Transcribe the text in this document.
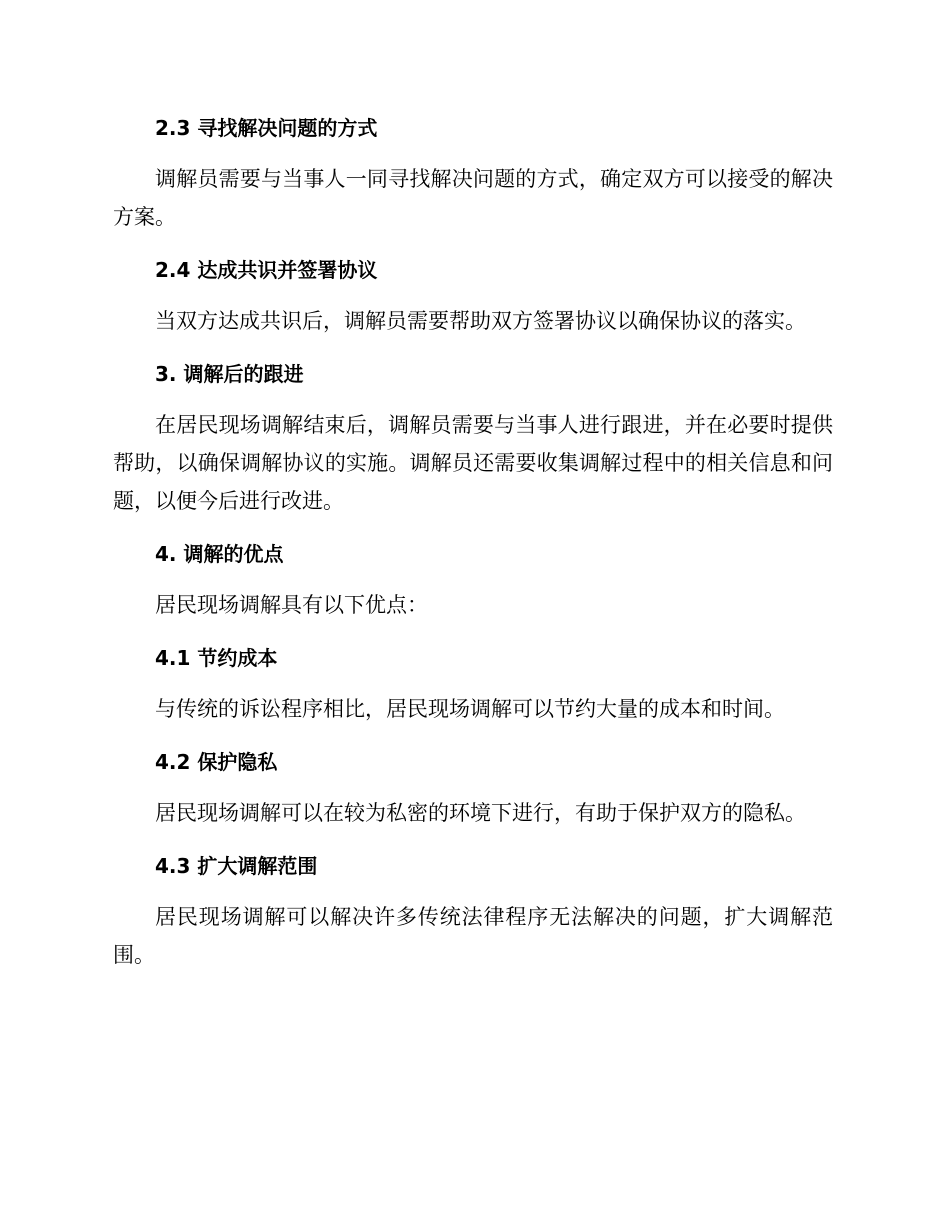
2.3 寻找解决问题的方式

调解员需要与当事人一同寻找解决问题的方式，确定双方可以接受的解决方案。

2.4 达成共识并签署协议

当双方达成共识后，调解员需要帮助双方签署协议以确保协议的落实。

3. 调解后的跟进

在居民现场调解结束后，调解员需要与当事人进行跟进，并在必要时提供帮助，以确保调解协议的实施。调解员还需要收集调解过程中的相关信息和问题，以便今后进行改进。

4. 调解的优点

居民现场调解具有以下优点：

4.1 节约成本

与传统的诉讼程序相比，居民现场调解可以节约大量的成本和时间。

4.2 保护隐私

居民现场调解可以在较为私密的环境下进行，有助于保护双方的隐私。

4.3 扩大调解范围

居民现场调解可以解决许多传统法律程序无法解决的问题，扩大调解范围。
